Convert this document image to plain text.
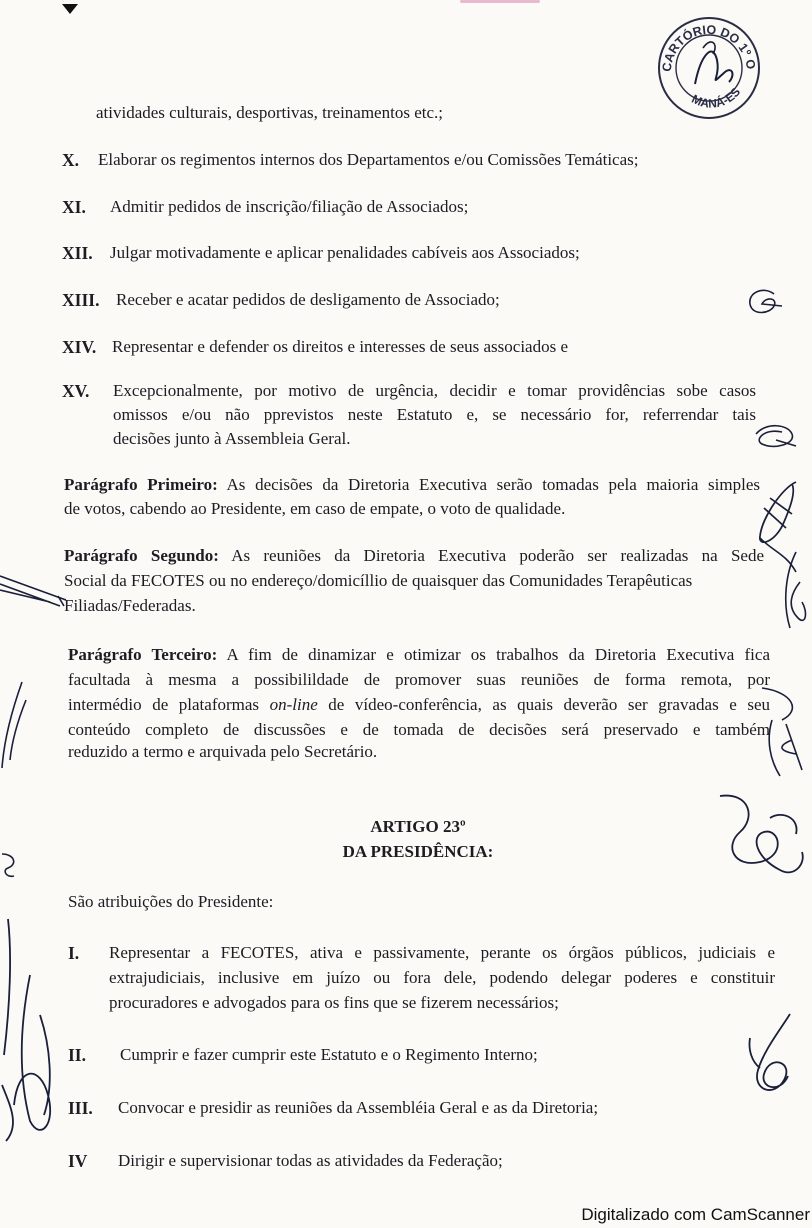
CARTÓRIO DO 1º OFÍCIO
MANÁ-ES
atividades culturais, desportivas, treinamentos etc.;
X. Elaborar os regimentos internos dos Departamentos e/ou Comissões Temáticas;
XI. Admitir pedidos de inscrição/filiação de Associados;
XII. Julgar motivadamente e aplicar penalidades cabíveis aos Associados;
XIII. Receber e acatar pedidos de desligamento de Associado;
XIV. Representar e defender os direitos e interesses de seus associados e
XV. Excepcionalmente, por motivo de urgência, decidir e tomar providências sobe casos
omissos e/ou não pprevistos neste Estatuto e, se necessário for, referrendar tais
decisões junto à Assembleia Geral.
Parágrafo Primeiro: As decisões da Diretoria Executiva serão tomadas pela maioria simples
de votos, cabendo ao Presidente, em caso de empate, o voto de qualidade.
Parágrafo Segundo: As reuniões da Diretoria Executiva poderão ser realizadas na Sede
Social da FECOTES ou no endereço/domicíllio de quaisquer das Comunidades Terapêuticas
Filiadas/Federadas.
Parágrafo Terceiro: A fim de dinamizar e otimizar os trabalhos da Diretoria Executiva fica
facultada à mesma a possibilildade de promover suas reuniões de forma remota, por
intermédio de plataformas on-line de vídeo-conferência, as quais deverão ser gravadas e seu
conteúdo completo de discussões e de tomada de decisões será preservado e também
reduzido a termo e arquivada pelo Secretário.
ARTIGO 23º
DA PRESIDÊNCIA:
São atribuições do Presidente:
I. Representar a FECOTES, ativa e passivamente, perante os órgãos públicos, judiciais e
extrajudiciais, inclusive em juízo ou fora dele, podendo delegar poderes e constituir
procuradores e advogados para os fins que se fizerem necessários;
II. Cumprir e fazer cumprir este Estatuto e o Regimento Interno;
III. Convocar e presidir as reuniões da Assembléia Geral e as da Diretoria;
IV Dirigir e supervisionar todas as atividades da Federação;
Digitalizado com CamScanner
